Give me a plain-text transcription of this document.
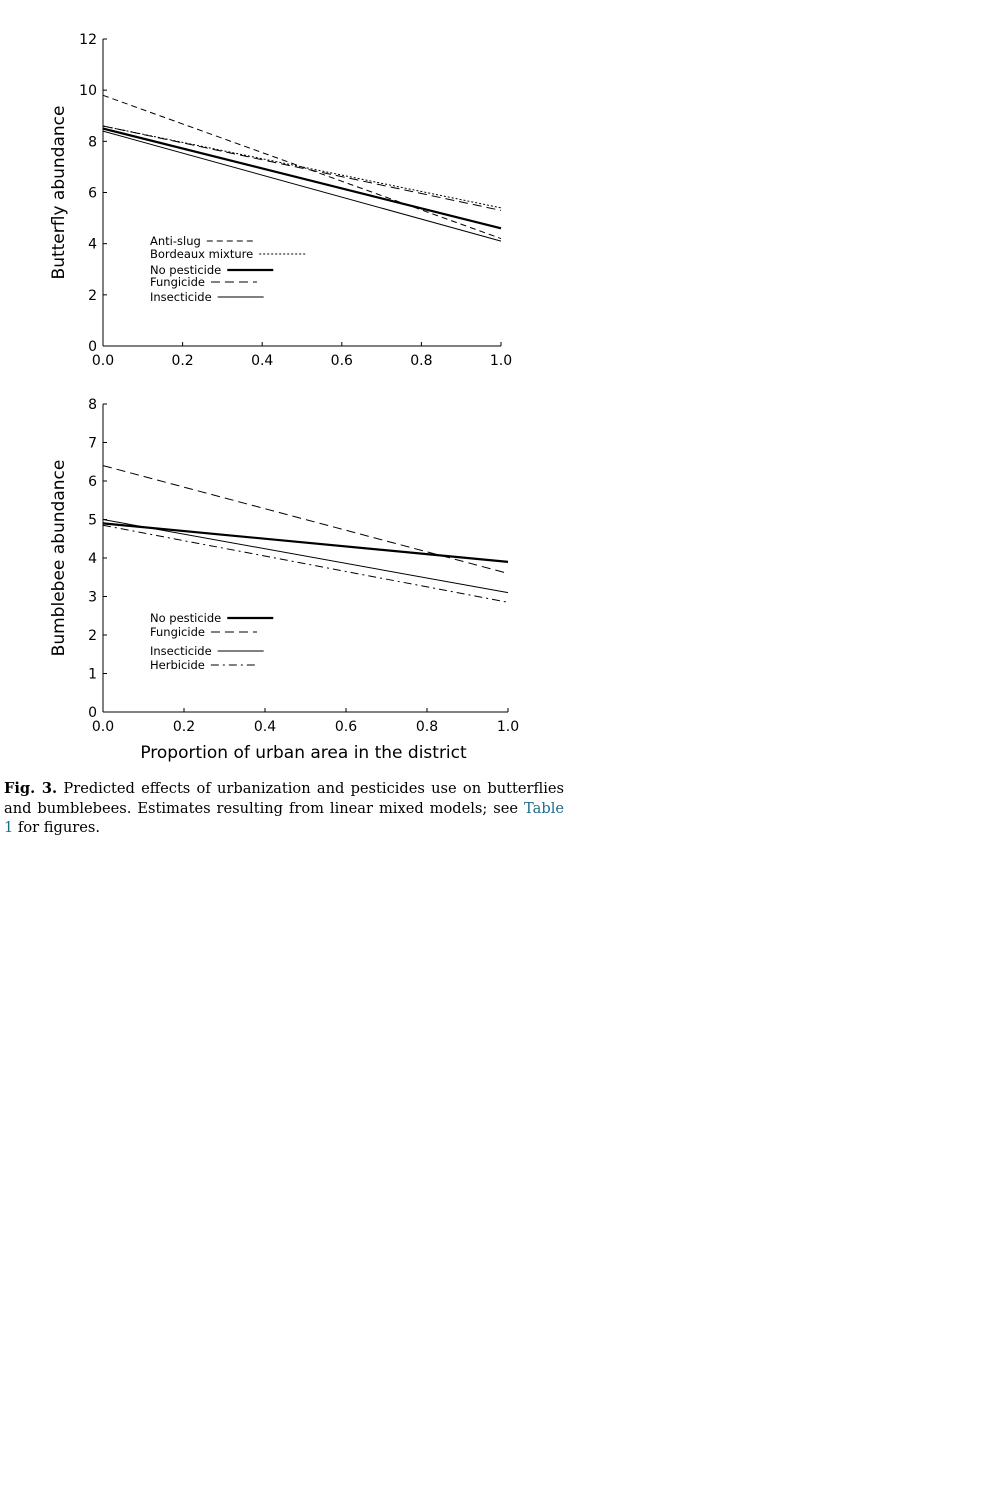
0
2
4
6
8
10
12
0.0	0.2	0.4	0.6	0.8	1.0
Butterfly abundance	Anti-slug
Bordeaux mixture
No pesticide
Fungicide
Insecticide
0
1
2
3
4
5
6
7
8
0.0	0.2	0.4	0.6	0.8	1.0
Bumblebee abundance
Proportion of urban area in the district
No pesticide
Fungicide
Insecticide
Herbicide

Fig. 3. Predicted effects of urbanization and pesticides use on butterflies and bumblebees. Estimates resulting from linear mixed models; see Table 1 for figures.
